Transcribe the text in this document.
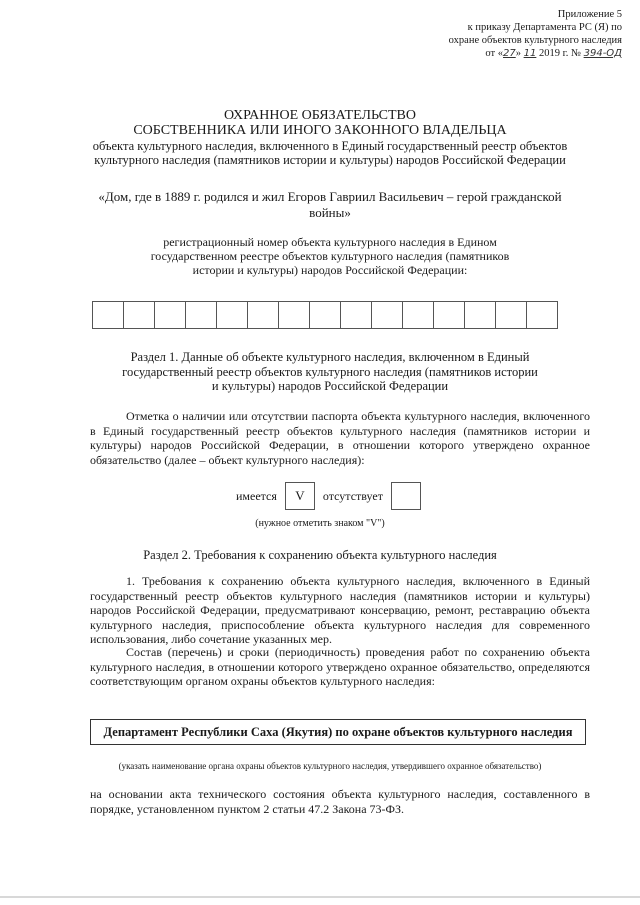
Приложение 5
к приказу Департамента РС (Я) по
охране объектов культурного наследия
от «27» 11 2019 г. № 394-ОД
ОХРАННОЕ ОБЯЗАТЕЛЬСТВО
СОБСТВЕННИКА ИЛИ ИНОГО ЗАКОННОГО ВЛАДЕЛЬЦА
объекта культурного наследия, включенного в Единый государственный реестр объектов культурного наследия (памятников истории и культуры) народов Российской Федерации
«Дом, где в 1889 г. родился и жил Егоров Гавриил Васильевич – герой гражданской войны»
регистрационный номер объекта культурного наследия в Едином государственном реестре объектов культурного наследия (памятников истории и культуры) народов Российской Федерации:
Раздел 1. Данные об объекте культурного наследия, включенном в Единый государственный реестр объектов культурного наследия (памятников истории и культуры) народов Российской Федерации
Отметка о наличии или отсутствии паспорта объекта культурного наследия, включенного в Единый государственный реестр объектов культурного наследия (памятников истории и культуры) народов Российской Федерации, в отношении которого утверждено охранное обязательство (далее – объект культурного наследия):
имеется	V	отсутствует
(нужное отметить знаком "V")
Раздел 2. Требования к сохранению объекта культурного наследия
1. Требования к сохранению объекта культурного наследия, включенного в Единый государственный реестр объектов культурного наследия (памятников истории и культуры) народов Российской Федерации, предусматривают консервацию, ремонт, реставрацию объекта культурного наследия, приспособление объекта культурного наследия для современного использования, либо сочетание указанных мер.
Состав (перечень) и сроки (периодичность) проведения работ по сохранению объекта культурного наследия, в отношении которого утверждено охранное обязательство, определяются соответствующим органом охраны объектов культурного наследия:
Департамент Республики Саха (Якутия) по охране объектов культурного наследия
(указать наименование органа охраны объектов культурного наследия, утвердившего охранное обязательство)
на основании акта технического состояния объекта культурного наследия, составленного в порядке, установленном пунктом 2 статьи 47.2 Закона 73-ФЗ.
